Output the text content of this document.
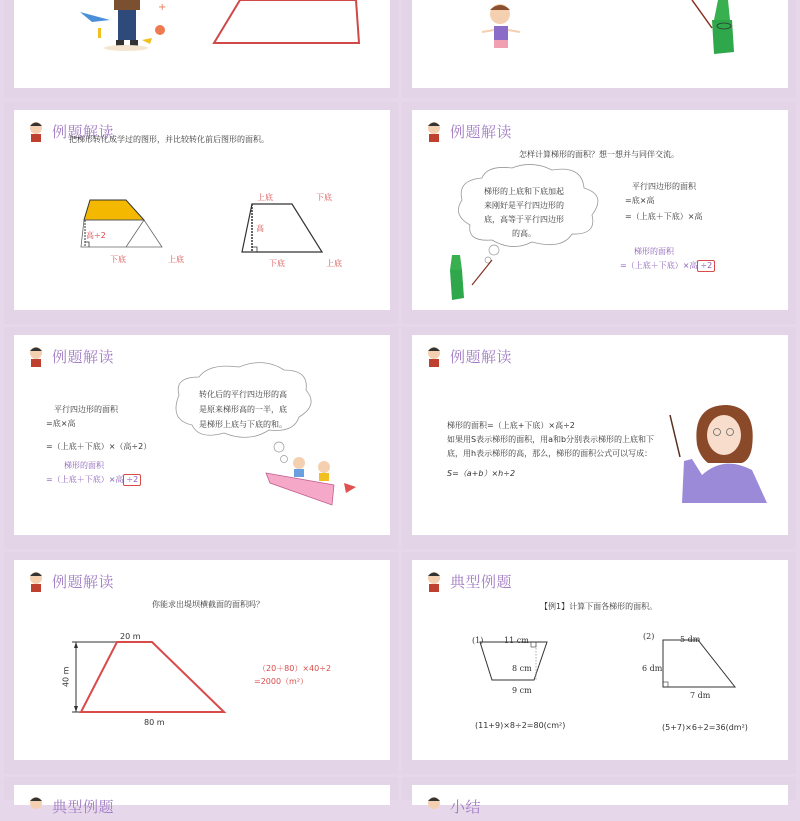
+
例题解读
把梯形转化成学过的图形，并比较转化前后图形的面积。
高÷2
下底	上底
上底	下底
高
下底	上底
例题解读
怎样计算梯形的面积？想一想并与同伴交流。
梯形的上底和下底加起
来刚好是平行四边形的
底，高等于平行四边形
的高。
平行四边形的面积
=底×高
=（上底＋下底）×高
梯形的面积
=（上底＋下底）×高 ÷2
例题解读
平行四边形的面积
=底×高
=（上底＋下底）×（高÷2）
梯形的面积
=（上底＋下底）×高 ÷2
转化后的平行四边形的高
是原来梯形高的一半，底
是梯形上底与下底的和。
例题解读
梯形的面积=（上底+下底）×高÷2
如果用S表示梯形的面积，用a和b分别表示梯形的上底和下
底，用h表示梯形的高，那么，梯形的面积公式可以写成：
S=（a+b）×h÷2
例题解读
你能求出堤坝横截面的面积吗？
20 m
40 m
80 m
（20＋80）×40÷2
=2000（m²）
典型例题
【例1】计算下面各梯形的面积。
(1)	11 cm
8 cm
9 cm
(11+9)×8÷2=80(cm²)
(2)	5 dm
6 dm
7 dm
(5+7)×6÷2=36(dm²)
典型例题	小结
